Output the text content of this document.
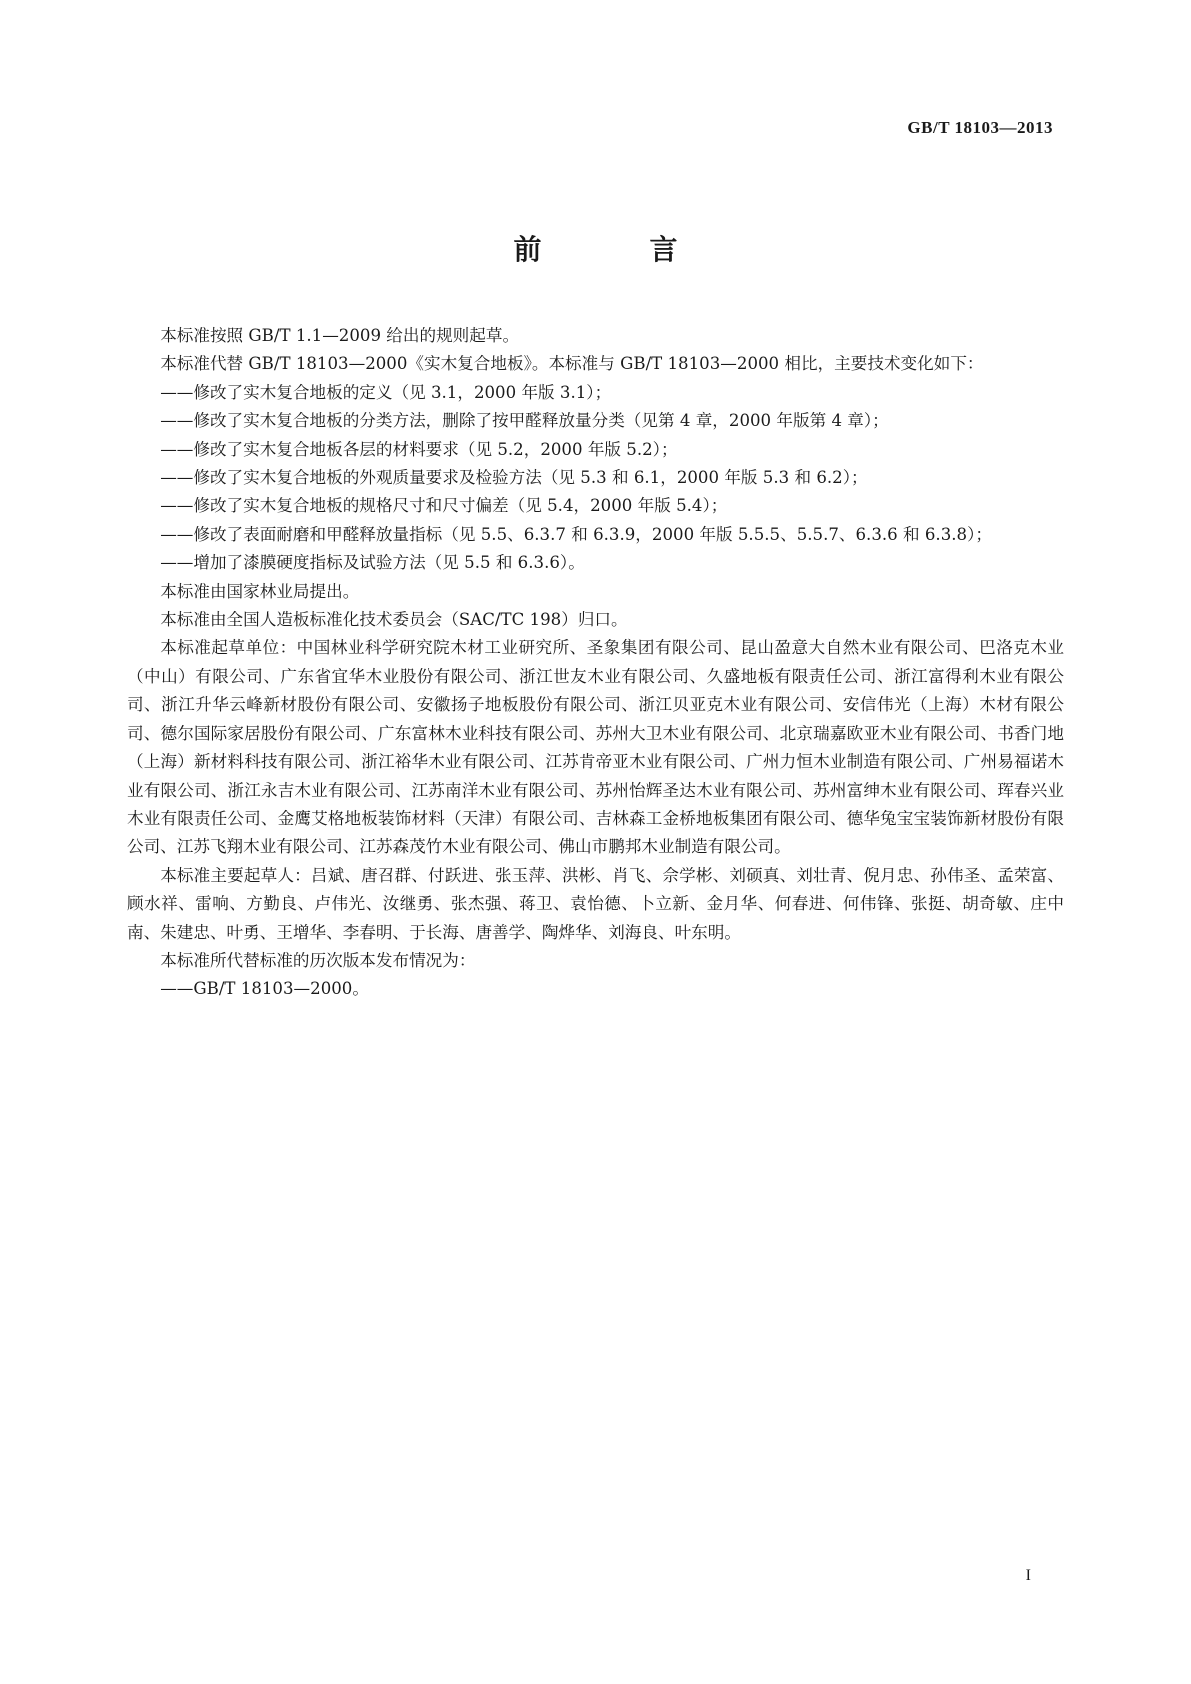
GB/T 18103—2013
前　言

本标准按照 GB/T 1.1—2009 给出的规则起草。

本标准代替 GB/T 18103—2000《实木复合地板》。本标准与 GB/T 18103—2000 相比，主要技术变化如下：

——修改了实木复合地板的定义（见 3.1，2000 年版 3.1）；

——修改了实木复合地板的分类方法，删除了按甲醛释放量分类（见第 4 章，2000 年版第 4 章）；

——修改了实木复合地板各层的材料要求（见 5.2，2000 年版 5.2）；

——修改了实木复合地板的外观质量要求及检验方法（见 5.3 和 6.1，2000 年版 5.3 和 6.2）；

——修改了实木复合地板的规格尺寸和尺寸偏差（见 5.4，2000 年版 5.4）；

——修改了表面耐磨和甲醛释放量指标（见 5.5、6.3.7 和 6.3.9，2000 年版 5.5.5、5.5.7、6.3.6 和 6.3.8）；

——增加了漆膜硬度指标及试验方法（见 5.5 和 6.3.6）。

本标准由国家林业局提出。

本标准由全国人造板标准化技术委员会（SAC/TC 198）归口。

本标准起草单位：中国林业科学研究院木材工业研究所、圣象集团有限公司、昆山盈意大自然木业有限公司、巴洛克木业（中山）有限公司、广东省宜华木业股份有限公司、浙江世友木业有限公司、久盛地板有限责任公司、浙江富得利木业有限公司、浙江升华云峰新材股份有限公司、安徽扬子地板股份有限公司、浙江贝亚克木业有限公司、安信伟光（上海）木材有限公司、德尔国际家居股份有限公司、广东富林木业科技有限公司、苏州大卫木业有限公司、北京瑞嘉欧亚木业有限公司、书香门地（上海）新材料科技有限公司、浙江裕华木业有限公司、江苏肯帝亚木业有限公司、广州力恒木业制造有限公司、广州易福诺木业有限公司、浙江永吉木业有限公司、江苏南洋木业有限公司、苏州怡辉圣达木业有限公司、苏州富绅木业有限公司、珲春兴业木业有限责任公司、金鹰艾格地板装饰材料（天津）有限公司、吉林森工金桥地板集团有限公司、德华兔宝宝装饰新材股份有限公司、江苏飞翔木业有限公司、江苏森茂竹木业有限公司、佛山市鹏邦木业制造有限公司。

本标准主要起草人：吕斌、唐召群、付跃进、张玉萍、洪彬、肖飞、佘学彬、刘硕真、刘壮青、倪月忠、孙伟圣、孟荣富、顾水祥、雷响、方勤良、卢伟光、汝继勇、张杰强、蒋卫、袁怡德、卜立新、金月华、何春进、何伟锋、张挺、胡奇敏、庄中南、朱建忠、叶勇、王增华、李春明、于长海、唐善学、陶烨华、刘海良、叶东明。

本标准所代替标准的历次版本发布情况为：

——GB/T 18103—2000。

I
